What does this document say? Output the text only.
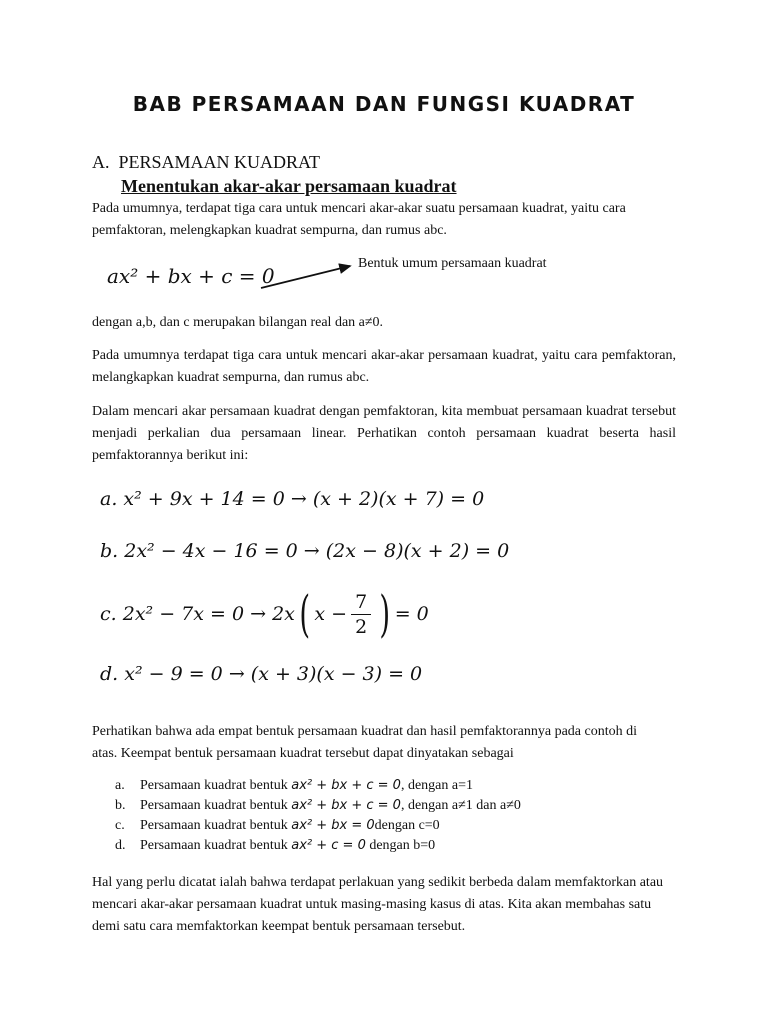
BAB PERSAMAAN DAN FUNGSI KUADRAT
A. PERSAMAAN KUADRAT
Menentukan akar-akar persamaan kuadrat
Pada umumnya, terdapat tiga cara untuk mencari akar-akar suatu persamaan kuadrat, yaitu cara pemfaktoran, melengkapkan kuadrat sempurna, dan rumus abc.
ax² + bx + c = 0
Bentuk umum persamaan kuadrat
dengan a,b, dan c merupakan bilangan real dan a≠0.
Pada umumnya terdapat tiga cara untuk mencari akar-akar persamaan kuadrat, yaitu cara pemfaktoran, melangkapkan kuadrat sempurna, dan rumus abc.
Dalam mencari akar persamaan kuadrat dengan pemfaktoran, kita membuat persamaan kuadrat tersebut menjadi perkalian dua persamaan linear. Perhatikan contoh persamaan kuadrat beserta hasil pemfaktorannya berikut ini:
a. x² + 9x + 14 = 0 → (x + 2)(x + 7) = 0
b. 2x² − 4x − 16 = 0 → (2x − 8)(x + 2) = 0
c.
2x² − 7x = 0
→
2x ( $x - \frac{7}{2}$ ) = 0
d. x² − 9 = 0 → (x + 3)(x − 3) = 0
Perhatikan bahwa ada empat bentuk persamaan kuadrat dan hasil pemfaktorannya pada contoh di atas. Keempat bentuk persamaan kuadrat tersebut dapat dinyatakan sebagai
a. Persamaan kuadrat bentuk ax² + bx + c = 0, dengan a=1
b. Persamaan kuadrat bentuk ax² + bx + c = 0, dengan a≠1 dan a≠0
c. Persamaan kuadrat bentuk ax² + bx = 0dengan c=0
d. Persamaan kuadrat bentuk ax² + c = 0 dengan b=0
Hal yang perlu dicatat ialah bahwa terdapat perlakuan yang sedikit berbeda dalam memfaktorkan atau mencari akar-akar persamaan kuadrat untuk masing-masing kasus di atas. Kita akan membahas satu demi satu cara memfaktorkan keempat bentuk persamaan tersebut.
